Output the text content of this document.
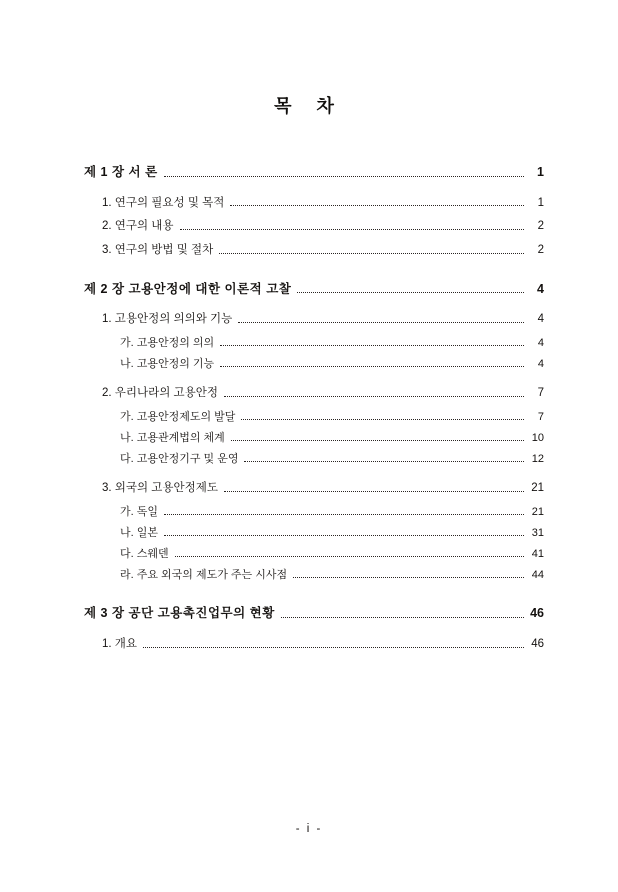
목 차
제 1 장 서 론	1
1. 연구의 필요성 및 목적	1
2. 연구의 내용	2
3. 연구의 방법 및 절차	2
제 2 장 고용안정에 대한 이론적 고찰	4
1. 고용안정의 의의와 기능	4
가. 고용안정의 의의	4
나. 고용안정의 기능	4
2. 우리나라의 고용안정	7
가. 고용안정제도의 발달	7
나. 고용관계법의 체계	10
다. 고용안정기구 및 운영	12
3. 외국의 고용안정제도	21
가. 독일	21
나. 일본	31
다. 스웨덴	41
라. 주요 외국의 제도가 주는 시사점	44
제 3 장 공단 고용촉진업무의 현황	46
1. 개요	46
- i -
